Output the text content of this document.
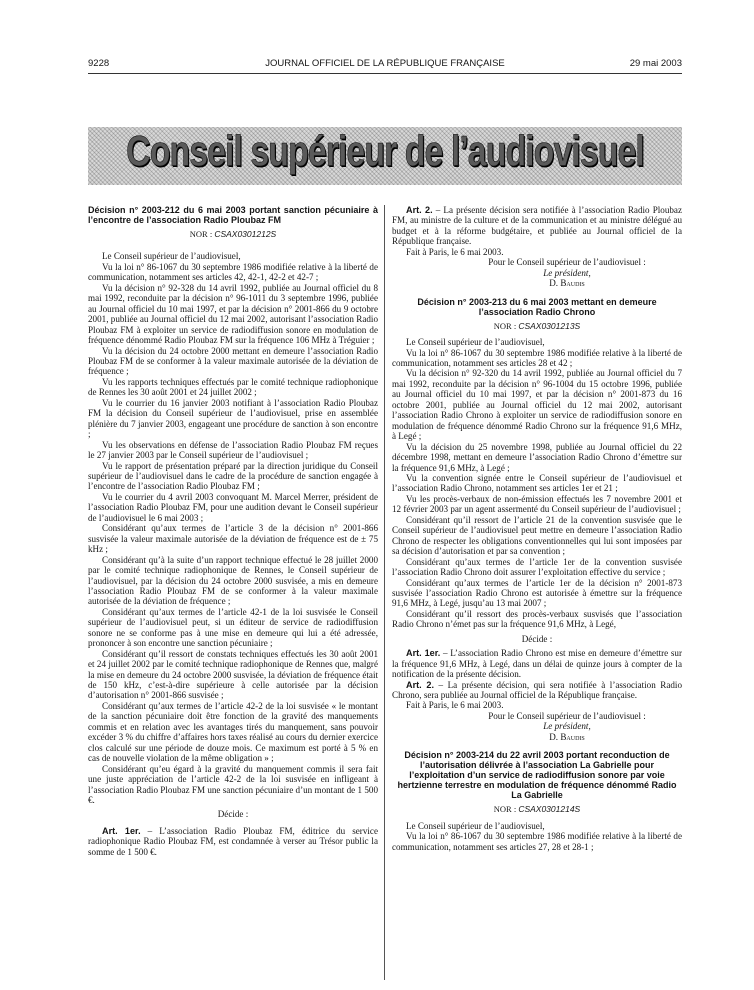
9228	JOURNAL OFFICIEL DE LA RÉPUBLIQUE FRANÇAISE	29 mai 2003
Conseil supérieur de l’audiovisuel

Décision n° 2003-212 du 6 mai 2003 portant sanction pécuniaire à l’encontre de l’association Radio Ploubaz FM

NOR : CSAX0301212S

Le Conseil supérieur de l’audiovisuel,

Vu la loi n° 86-1067 du 30 septembre 1986 modifiée relative à la liberté de communication, notamment ses articles 42, 42-1, 42-2 et 42-7 ;

Vu la décision n° 92-328 du 14 avril 1992, publiée au Journal officiel du 8 mai 1992, reconduite par la décision n° 96-1011 du 3 septembre 1996, publiée au Journal officiel du 10 mai 1997, et par la décision n° 2001-866 du 9 octobre 2001, publiée au Journal officiel du 12 mai 2002, autorisant l’association Radio Ploubaz FM à exploiter un service de radiodiffusion sonore en modulation de fréquence dénommé Radio Ploubaz FM sur la fréquence 106 MHz à Tréguier ;

Vu la décision du 24 octobre 2000 mettant en demeure l’association Radio Ploubaz FM de se conformer à la valeur maximale autorisée de la déviation de fréquence ;

Vu les rapports techniques effectués par le comité technique radiophonique de Rennes les 30 août 2001 et 24 juillet 2002 ;

Vu le courrier du 16 janvier 2003 notifiant à l’association Radio Ploubaz FM la décision du Conseil supérieur de l’audiovisuel, prise en assemblée plénière du 7 janvier 2003, engageant une procédure de sanction à son encontre ;

Vu les observations en défense de l’association Radio Ploubaz FM reçues le 27 janvier 2003 par le Conseil supérieur de l’audiovisuel ;

Vu le rapport de présentation préparé par la direction juridique du Conseil supérieur de l’audiovisuel dans le cadre de la procédure de sanction engagée à l’encontre de l’association Radio Ploubaz FM ;

Vu le courrier du 4 avril 2003 convoquant M. Marcel Merrer, président de l’association Radio Ploubaz FM, pour une audition devant le Conseil supérieur de l’audiovisuel le 6 mai 2003 ;

Considérant qu’aux termes de l’article 3 de la décision n° 2001-866 susvisée la valeur maximale autorisée de la déviation de fréquence est de ± 75 kHz ;

Considérant qu’à la suite d’un rapport technique effectué le 28 juillet 2000 par le comité technique radiophonique de Rennes, le Conseil supérieur de l’audiovisuel, par la décision du 24 octobre 2000 susvisée, a mis en demeure l’association Radio Ploubaz FM de se conformer à la valeur maximale autorisée de la déviation de fréquence ;

Considérant qu’aux termes de l’article 42-1 de la loi susvisée le Conseil supérieur de l’audiovisuel peut, si un éditeur de service de radiodiffusion sonore ne se conforme pas à une mise en demeure qui lui a été adressée, prononcer à son encontre une sanction pécuniaire ;

Considérant qu’il ressort de constats techniques effectués les 30 août 2001 et 24 juillet 2002 par le comité technique radiophonique de Rennes que, malgré la mise en demeure du 24 octobre 2000 susvisée, la déviation de fréquence était de 150 kHz, c’est-à-dire supérieure à celle autorisée par la décision d’autorisation n° 2001-866 susvisée ;

Considérant qu’aux termes de l’article 42-2 de la loi susvisée « le montant de la sanction pécuniaire doit être fonction de la gravité des manquements commis et en relation avec les avantages tirés du manquement, sans pouvoir excéder 3 % du chiffre d’affaires hors taxes réalisé au cours du dernier exercice clos calculé sur une période de douze mois. Ce maximum est porté à 5 % en cas de nouvelle violation de la même obligation » ;

Considérant qu’eu égard à la gravité du manquement commis il sera fait une juste appréciation de l’article 42-2 de la loi susvisée en infligeant à l’association Radio Ploubaz FM une sanction pécuniaire d’un montant de 1 500 €.

Décide :

Art. 1er. – L’association Radio Ploubaz FM, éditrice du service radiophonique Radio Ploubaz FM, est condamnée à verser au Trésor public la somme de 1 500 €.

Art. 2. – La présente décision sera notifiée à l’association Radio Ploubaz FM, au ministre de la culture et de la communication et au ministre délégué au budget et à la réforme budgétaire, et publiée au Journal officiel de la République française.

Fait à Paris, le 6 mai 2003.

Pour le Conseil supérieur de l’audiovisuel :

Le président,

D. Baudis

Décision n° 2003-213 du 6 mai 2003 mettant en demeure l’association Radio Chrono

NOR : CSAX0301213S

Le Conseil supérieur de l’audiovisuel,

Vu la loi n° 86-1067 du 30 septembre 1986 modifiée relative à la liberté de communication, notamment ses articles 28 et 42 ;

Vu la décision n° 92-320 du 14 avril 1992, publiée au Journal officiel du 7 mai 1992, reconduite par la décision n° 96-1004 du 15 octobre 1996, publiée au Journal officiel du 10 mai 1997, et par la décision n° 2001-873 du 16 octobre 2001, publiée au Journal officiel du 12 mai 2002, autorisant l’association Radio Chrono à exploiter un service de radiodiffusion sonore en modulation de fréquence dénommé Radio Chrono sur la fréquence 91,6 MHz, à Legé ;

Vu la décision du 25 novembre 1998, publiée au Journal officiel du 22 décembre 1998, mettant en demeure l’association Radio Chrono d’émettre sur la fréquence 91,6 MHz, à Legé ;

Vu la convention signée entre le Conseil supérieur de l’audiovisuel et l’association Radio Chrono, notamment ses articles 1er et 21 ;

Vu les procès-verbaux de non-émission effectués les 7 novembre 2001 et 12 février 2003 par un agent assermenté du Conseil supérieur de l’audiovisuel ;

Considérant qu’il ressort de l’article 21 de la convention susvisée que le Conseil supérieur de l’audiovisuel peut mettre en demeure l’association Radio Chrono de respecter les obligations conventionnelles qui lui sont imposées par sa décision d’autorisation et par sa convention ;

Considérant qu’aux termes de l’article 1er de la convention susvisée l’association Radio Chrono doit assurer l’exploitation effective du service ;

Considérant qu’aux termes de l’article 1er de la décision n° 2001-873 susvisée l’association Radio Chrono est autorisée à émettre sur la fréquence 91,6 MHz, à Legé, jusqu’au 13 mai 2007 ;

Considérant qu’il ressort des procès-verbaux susvisés que l’association Radio Chrono n’émet pas sur la fréquence 91,6 MHz, à Legé,

Décide :

Art. 1er. – L’association Radio Chrono est mise en demeure d’émettre sur la fréquence 91,6 MHz, à Legé, dans un délai de quinze jours à compter de la notification de la présente décision.

Art. 2. – La présente décision, qui sera notifiée à l’association Radio Chrono, sera publiée au Journal officiel de la République française.

Fait à Paris, le 6 mai 2003.

Pour le Conseil supérieur de l’audiovisuel :

Le président,

D. Baudis

Décision n° 2003-214 du 22 avril 2003 portant reconduction de l’autorisation délivrée à l’association La Gabrielle pour l’exploitation d’un service de radiodiffusion sonore par voie hertzienne terrestre en modulation de fréquence dénommé Radio La Gabrielle

NOR : CSAX0301214S

Le Conseil supérieur de l’audiovisuel,

Vu la loi n° 86-1067 du 30 septembre 1986 modifiée relative à la liberté de communication, notamment ses articles 27, 28 et 28-1 ;
